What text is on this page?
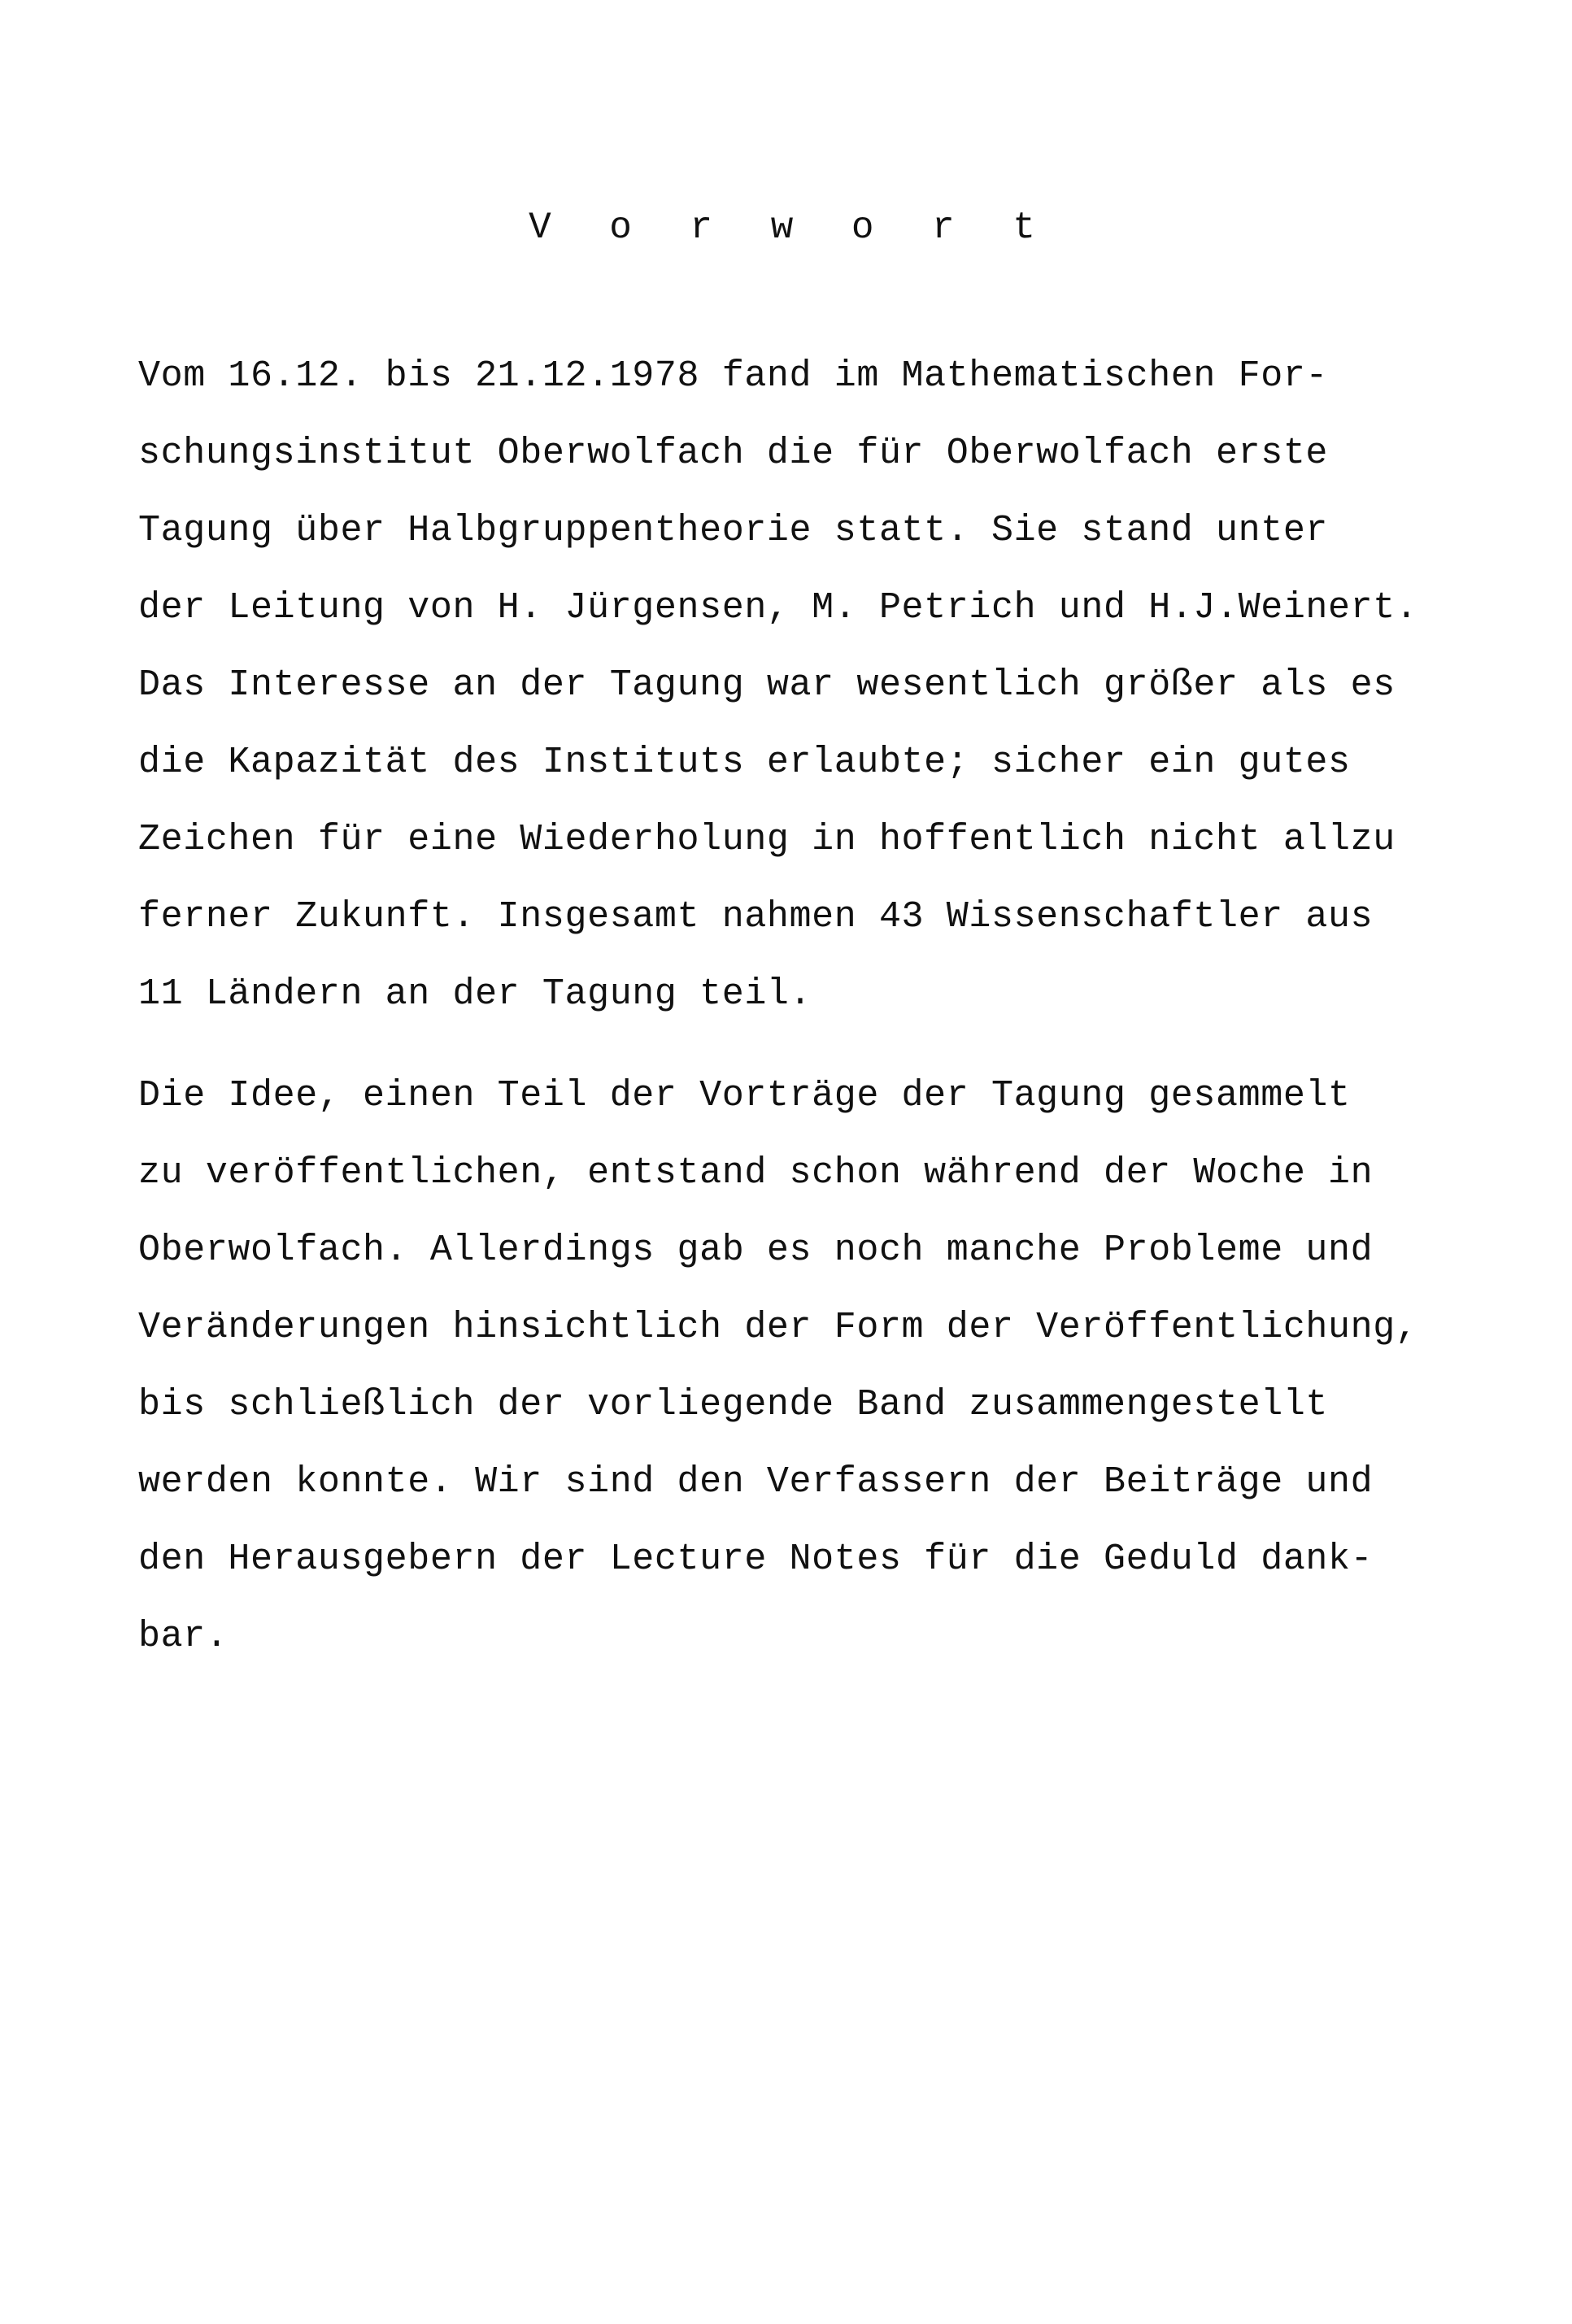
V o r w o r t
Vom 16.12. bis 21.12.1978 fand im Mathematischen For-
schungsinstitut Oberwolfach die für Oberwolfach erste
Tagung über Halbgruppentheorie statt. Sie stand unter
der Leitung von H. Jürgensen, M. Petrich und H.J.Weinert.
Das Interesse an der Tagung war wesentlich größer als es
die Kapazität des Instituts erlaubte; sicher ein gutes
Zeichen für eine Wiederholung in hoffentlich nicht allzu
ferner Zukunft. Insgesamt nahmen 43 Wissenschaftler aus
11 Ländern an der Tagung teil.
Die Idee, einen Teil der Vorträge der Tagung gesammelt
zu veröffentlichen, entstand schon während der Woche in
Oberwolfach. Allerdings gab es noch manche Probleme und
Veränderungen hinsichtlich der Form der Veröffentlichung,
bis schließlich der vorliegende Band zusammengestellt
werden konnte. Wir sind den Verfassern der Beiträge und
den Herausgebern der Lecture Notes für die Geduld dank-
bar.
